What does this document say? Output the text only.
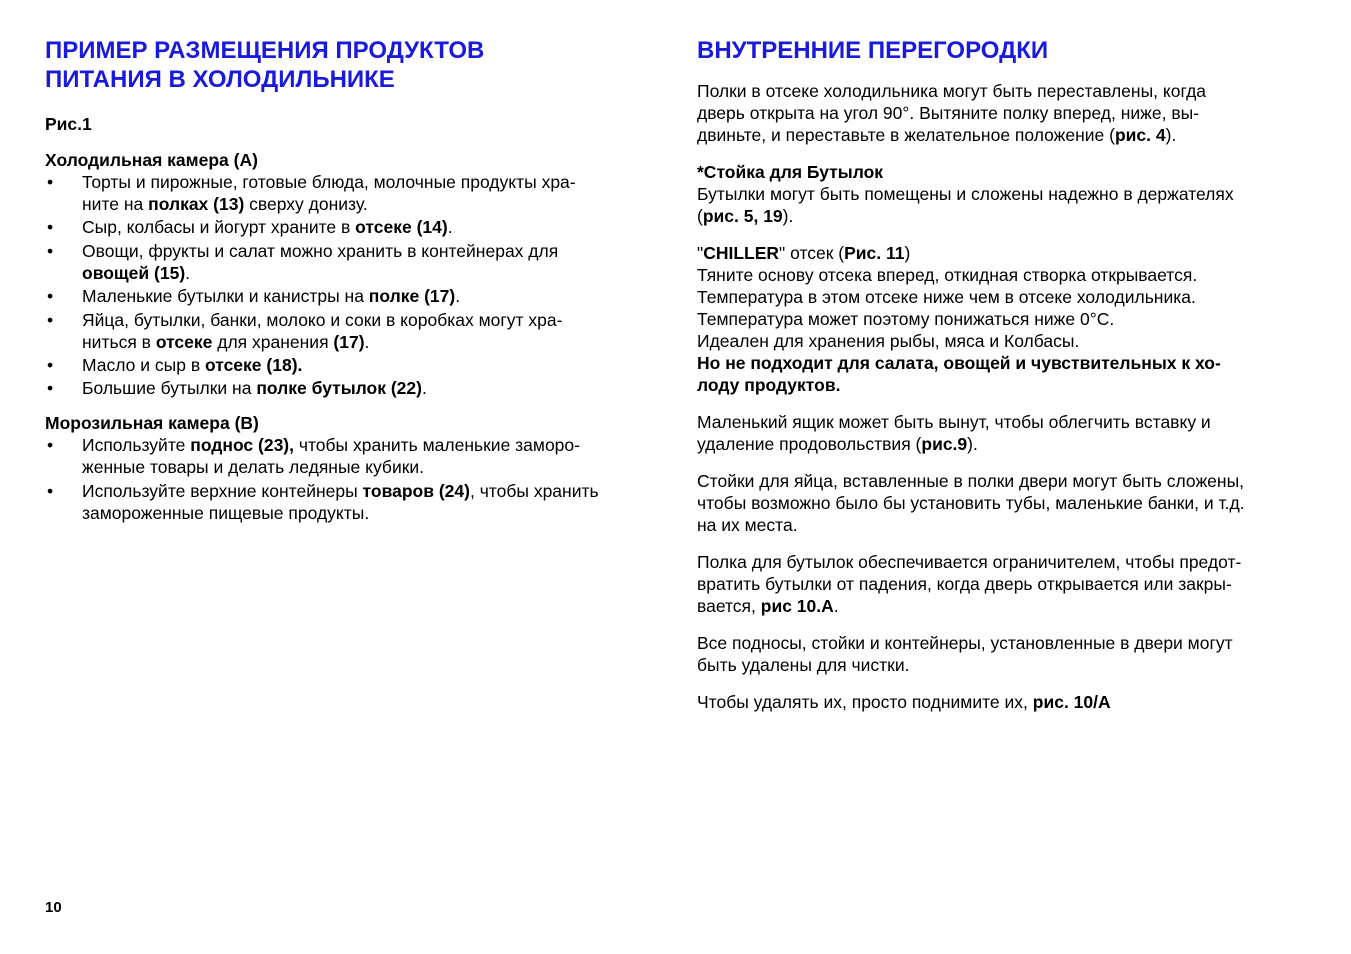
ПРИМЕР РАЗМЕЩЕНИЯ ПРОДУКТОВ
ПИТАНИЯ В ХОЛОДИЛЬНИКЕ
Рис.1
Холодильная камера (A)
• Торты и пирожные, готовые блюда, молочные продукты хра-
ните на полках (13) сверху донизу.
• Сыр, колбасы и йогурт храните в отсеке (14).
• Овощи, фрукты и салат можно хранить в контейнерах для
овощей (15).
• Маленькие бутылки и канистры на полке (17).
• Яйца, бутылки, банки, молоко и соки в коробках могут хра-
ниться в отсеке для хранения (17).
• Масло и сыр в отсеке (18).
• Большие бутылки на полке бутылок (22).
Морозильная камера (B)
• Используйте поднос (23), чтобы хранить маленькие заморо-
женные товары и делать ледяные кубики.
• Используйте верхние контейнеры товаров (24), чтобы хранить
замороженные пищевые продукты.
ВНУТРЕННИЕ ПЕРЕГОРОДКИ
Полки в отсеке холодильника могут быть переставлены, когда
дверь открыта на угол 90°. Вытяните полку вперед, ниже, вы-
двиньте, и переставьте в желательное положение (рис. 4).
*Стойка для Бутылок
Бутылки могут быть помещены и сложены надежно в держателях
(рис. 5, 19).
"CHILLER" отсек (Рис. 11)
Тяните основу отсека вперед, откидная створка открывается.
Температура в этом отсеке ниже чем в отсеке холодильника.
Температура может поэтому понижаться ниже 0°C.
Идеален для хранения рыбы, мяса и Колбасы.
Но не подходит для салата, овощей и чувствительных к хо-
лоду продуктов.
Маленький ящик может быть вынут, чтобы облегчить вставку и
удаление продовольствия (рис.9).
Стойки для яйца, вставленные в полки двери могут быть сложены,
чтобы возможно было бы установить тубы, маленькие банки, и т.д.
на их места.
Полка для бутылок обеспечивается ограничителем, чтобы предот-
вратить бутылки от падения, когда дверь открывается или закры-
вается, рис 10.A.
Все подносы, стойки и контейнеры, установленные в двери могут
быть удалены для чистки.
Чтобы удалять их, просто поднимите их, рис. 10/A
10
